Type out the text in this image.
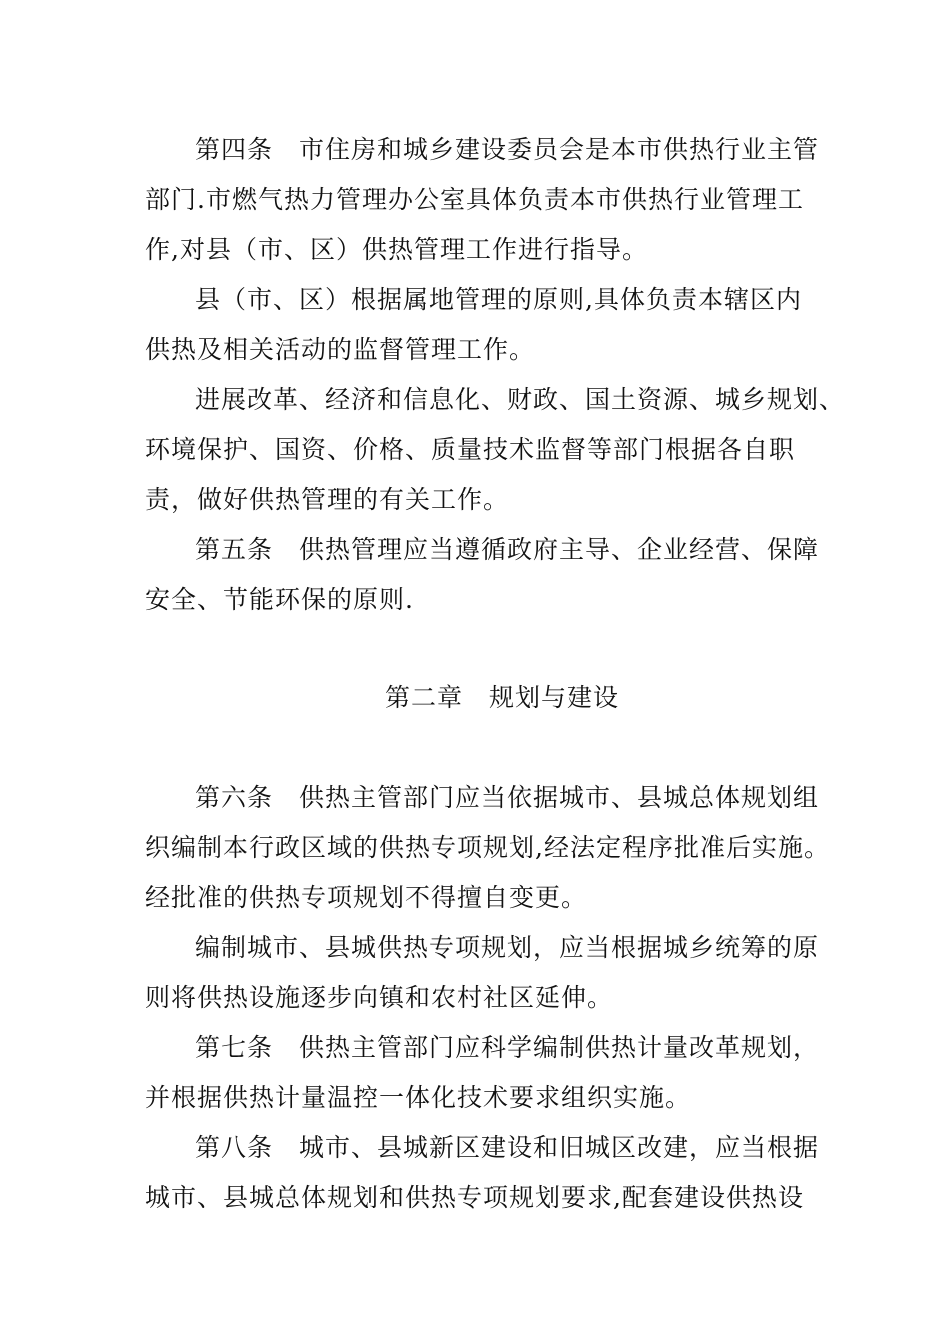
第四条　市住房和城乡建设委员会是本市供热行业主管
部门.市燃气热力管理办公室具体负责本市供热行业管理工
作,对县（市、区）供热管理工作进行指导。
县（市、区）根据属地管理的原则,具体负责本辖区内
供热及相关活动的监督管理工作。
进展改革、经济和信息化、财政、国土资源、城乡规划、
环境保护、国资、价格、质量技术监督等部门根据各自职
责，做好供热管理的有关工作。
第五条　供热管理应当遵循政府主导、企业经营、保障
安全、节能环保的原则.
第二章　规划与建设
第六条　供热主管部门应当依据城市、县城总体规划组
织编制本行政区域的供热专项规划,经法定程序批准后实施。
经批准的供热专项规划不得擅自变更。
编制城市、县城供热专项规划，应当根据城乡统筹的原
则将供热设施逐步向镇和农村社区延伸。
第七条　供热主管部门应科学编制供热计量改革规划，
并根据供热计量温控一体化技术要求组织实施。
第八条　城市、县城新区建设和旧城区改建，应当根据
城市、县城总体规划和供热专项规划要求,配套建设供热设
